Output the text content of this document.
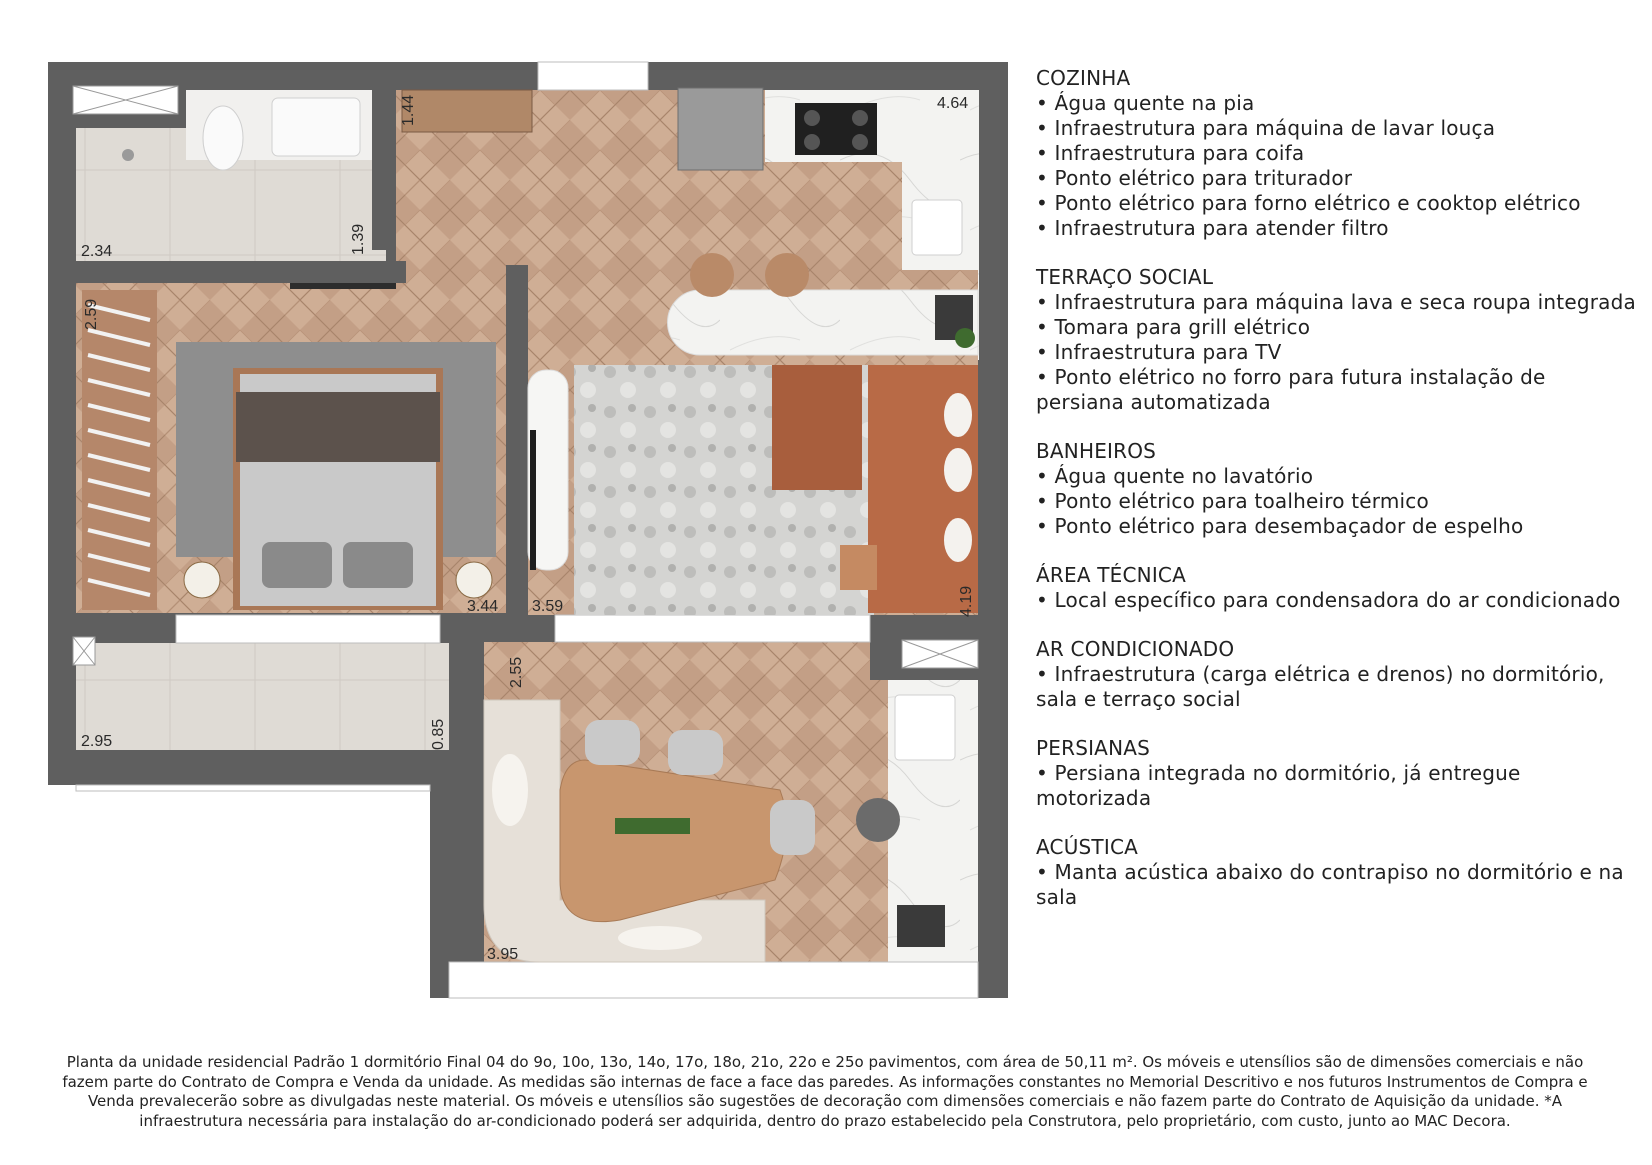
2.34	1.39
4.64
1.44
2.59
3.44 3.59	4.19
2.95	0.85
2.55
3.95
COZINHA
• Água quente na pia
• Infraestrutura para máquina de lavar louça
• Infraestrutura para coifa
• Ponto elétrico para triturador
• Ponto elétrico para forno elétrico e cooktop elétrico
• Infraestrutura para atender filtro
TERRAÇO SOCIAL
• Infraestrutura para máquina lava e seca roupa integrada
• Tomara para grill elétrico
• Infraestrutura para TV
• Ponto elétrico no forro para futura instalação de persiana automatizada
BANHEIROS
• Água quente no lavatório
• Ponto elétrico para toalheiro térmico
• Ponto elétrico para desembaçador de espelho
ÁREA TÉCNICA
• Local específico para condensadora do ar condicionado
AR CONDICIONADO
• Infraestrutura (carga elétrica e drenos) no dormitório, sala e terraço social
PERSIANAS
• Persiana integrada no dormitório, já entregue motorizada
ACÚSTICA
• Manta acústica abaixo do contrapiso no dormitório e na sala
Planta da unidade residencial Padrão 1 dormitório Final 04 do 9o, 10o, 13o, 14o, 17o, 18o, 21o, 22o e 25o pavimentos, com área de 50,11 m². Os móveis e utensílios são de dimensões comerciais e não fazem parte do Contrato de Compra e Venda da unidade. As medidas são internas de face a face das paredes. As informações constantes no Memorial Descritivo e nos futuros Instrumentos de Compra e Venda prevalecerão sobre as divulgadas neste material. Os móveis e utensílios são sugestões de decoração com dimensões comerciais e não fazem parte do Contrato de Aquisição da unidade. *A infraestrutura necessária para instalação do ar-condicionado poderá ser adquirida, dentro do prazo estabelecido pela Construtora, pelo proprietário, com custo, junto ao MAC Decora.
